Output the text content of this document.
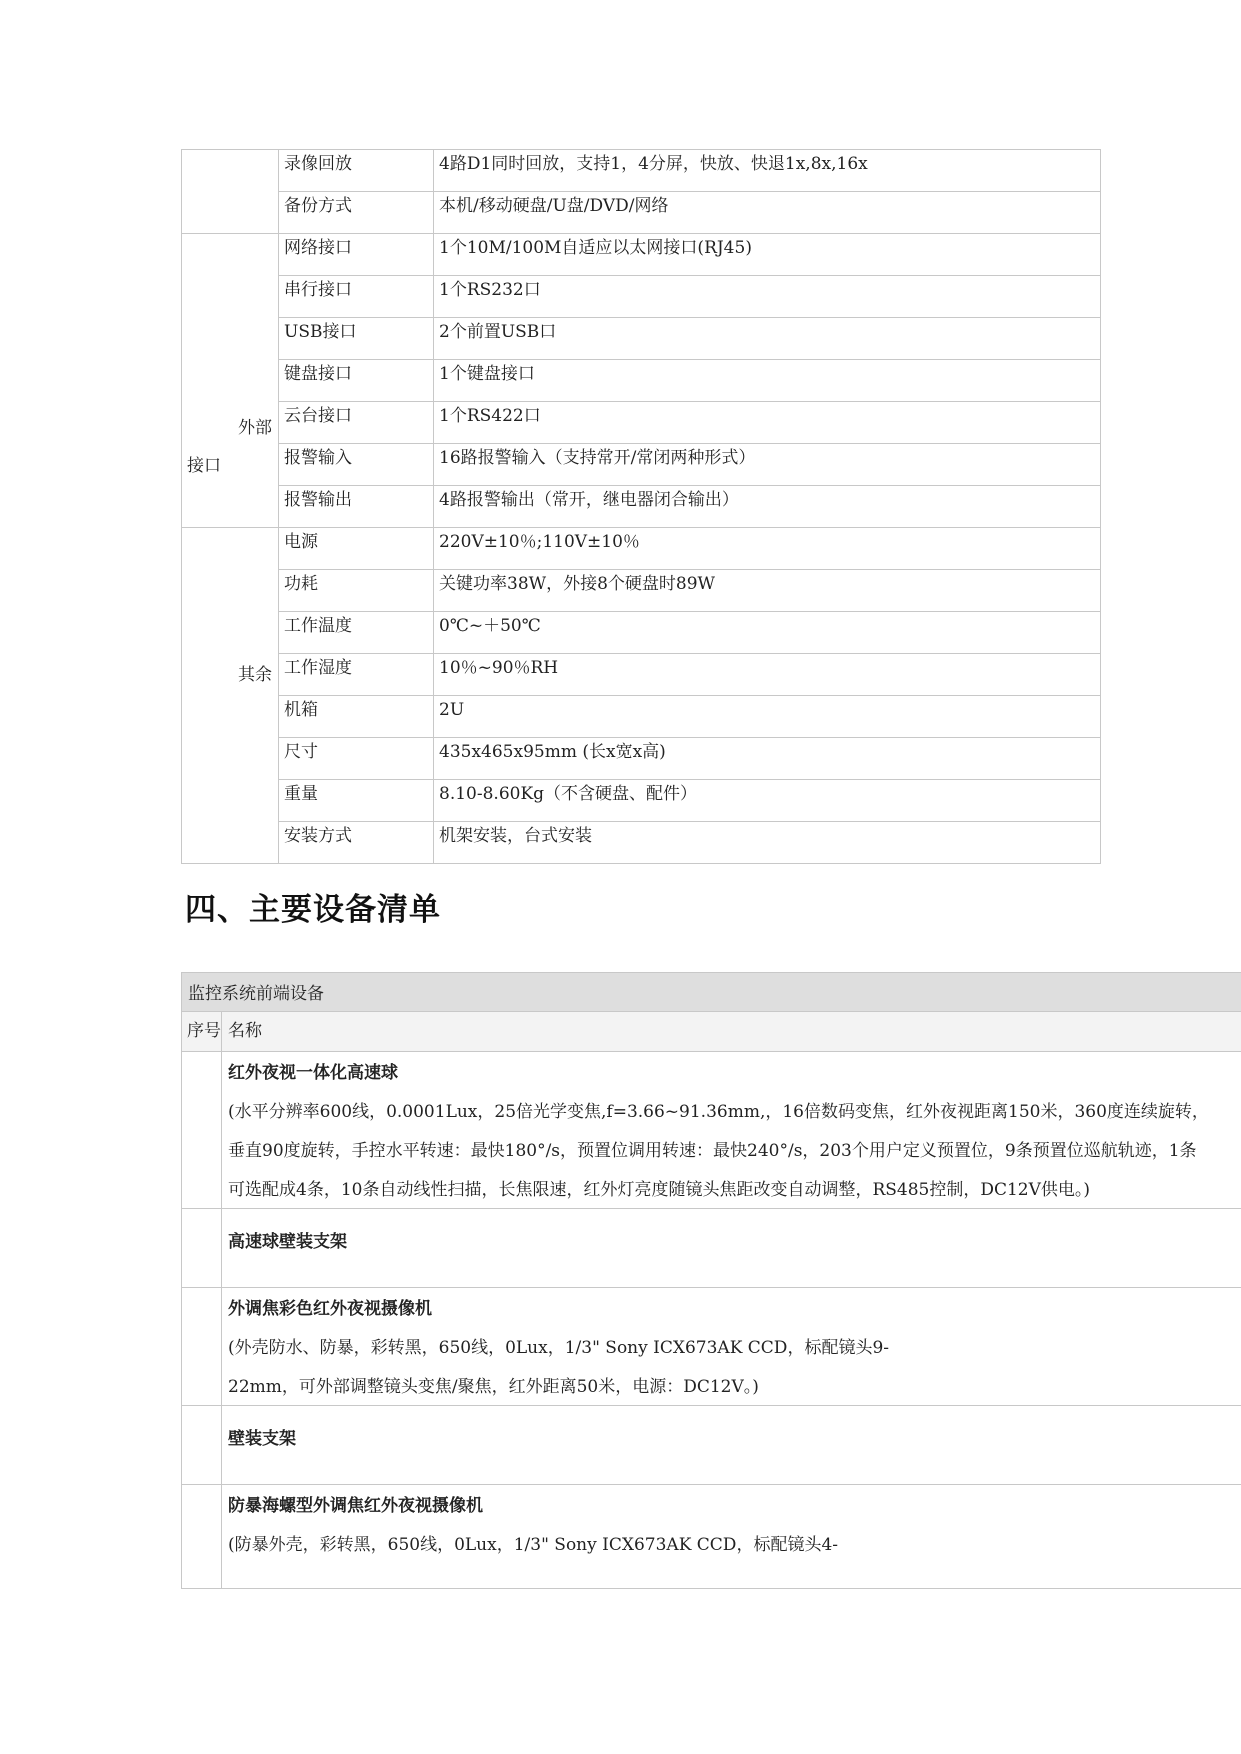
	录像回放	4路D1同时回放，支持1，4分屏，快放、快退1x,8x,16x
	备份方式	本机/移动硬盘/U盘/DVD/网络

外部
接口	网络接口	1个10M/100M自适应以太网接口(RJ45)
	串行接口	1个RS232口
	USB接口	2个前置USB口
	键盘接口	1个键盘接口
	云台接口	1个RS422口
	报警输入	16路报警输入（支持常开/常闭两种形式）
	报警输出	4路报警输出（常开，继电器闭合输出）

其余	电源	220V±10％;110V±10％
	功耗	关键功率38W，外接8个硬盘时89W
	工作温度	0℃~＋50℃
	工作湿度	10％~90％RH
	机箱	2U
	尺寸	435x465x95mm (长x宽x高)
	重量	8.10-8.60Kg（不含硬盘、配件）
	安装方式	机架安装，台式安装
四、主要设备清单
监控系统前端设备
序号 名称
红外夜视一体化高速球
(水平分辨率600线，0.0001Lux，25倍光学变焦,f=3.66~91.36mm,，16倍数码变焦，红外夜视距离150米，360度连续旋转，
垂直90度旋转，手控水平转速：最快180°/s，预置位调用转速：最快240°/s，203个用户定义预置位，9条预置位巡航轨迹，1条
可选配成4条，10条自动线性扫描，长焦限速，红外灯亮度随镜头焦距改变自动调整，RS485控制，DC12V供电。)
高速球壁装支架
外调焦彩色红外夜视摄像机
(外壳防水、防暴，彩转黑，650线，0Lux，1/3" Sony ICX673AK CCD，标配镜头9-
22mm，可外部调整镜头变焦/聚焦，红外距离50米，电源：DC12V。)
壁装支架
防暴海螺型外调焦红外夜视摄像机
(防暴外壳，彩转黑，650线，0Lux，1/3" Sony ICX673AK CCD，标配镜头4-
